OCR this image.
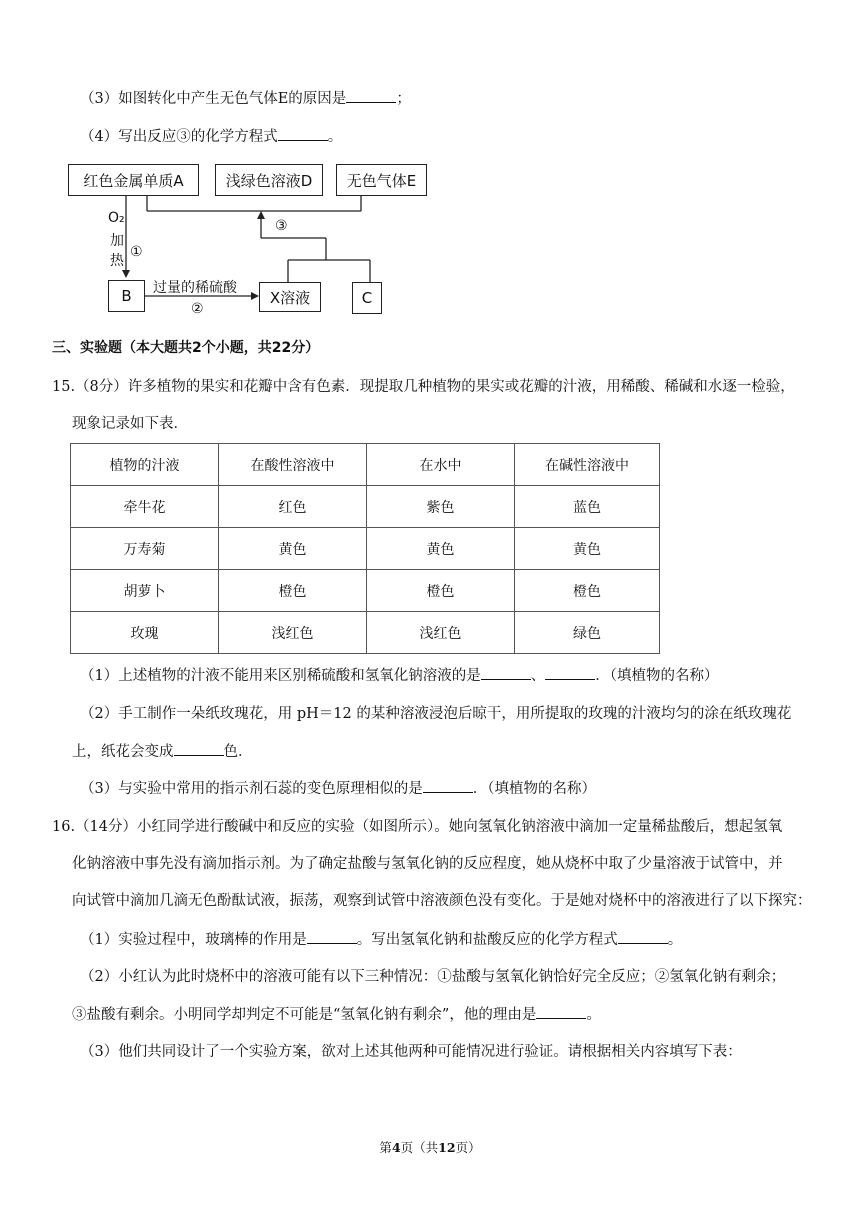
（3）如图转化中产生无色气体E的原因是	；
（4）写出反应③的化学方程式	。
红色金属单质A	浅绿色溶液D	无色气体E
B	X溶液	C
O₂
加
①
热
过量的稀硫酸
②
③
三、实验题（本大题共2个小题，共22分）
15.（8分）许多植物的果实和花瓣中含有色素．现提取几种植物的果实或花瓣的汁液，用稀酸、稀碱和水逐一检验，
现象记录如下表．
植物的汁液	在酸性溶液中	在水中	在碱性溶液中
牵牛花	红色	紫色	蓝色
万寿菊	黄色	黄色	黄色
胡萝卜	橙色	橙色	橙色
玫瑰	浅红色	浅红色	绿色
（1）上述植物的汁液不能用来区别稀硫酸和氢氧化钠溶液的是	、	．（填植物的名称）
（2）手工制作一朵纸玫瑰花，用 pH＝12 的某种溶液浸泡后晾干，用所提取的玫瑰的汁液均匀的涂在纸玫瑰花
上，纸花会变成	色．
（3）与实验中常用的指示剂石蕊的变色原理相似的是	．（填植物的名称）
16.（14分）小红同学进行酸碱中和反应的实验（如图所示）。她向氢氧化钠溶液中滴加一定量稀盐酸后，想起氢氧
化钠溶液中事先没有滴加指示剂。为了确定盐酸与氢氧化钠的反应程度，她从烧杯中取了少量溶液于试管中，并
向试管中滴加几滴无色酚酞试液，振荡，观察到试管中溶液颜色没有变化。于是她对烧杯中的溶液进行了以下探究：
（1）实验过程中，玻璃棒的作用是	。写出氢氧化钠和盐酸反应的化学方程式	。
（2）小红认为此时烧杯中的溶液可能有以下三种情况：①盐酸与氢氧化钠恰好完全反应；②氢氧化钠有剩余；
③盐酸有剩余。小明同学却判定不可能是“氢氧化钠有剩余”，他的理由是	。
（3）他们共同设计了一个实验方案，欲对上述其他两种可能情况进行验证。请根据相关内容填写下表：
第4页（共12页）
